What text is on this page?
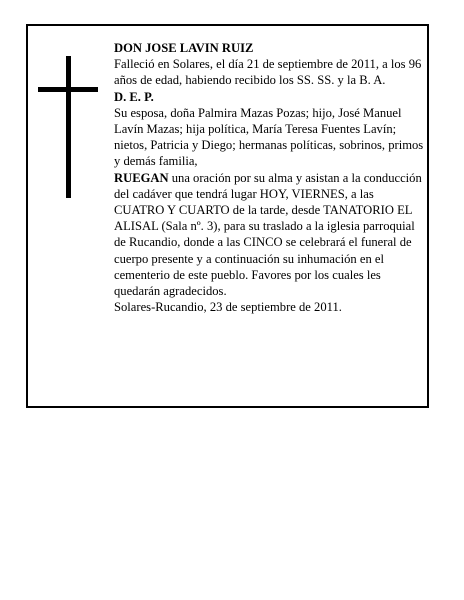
DON JOSE LAVIN RUIZ

Falleció en Solares, el día 21 de septiembre de 2011, a los 96 años de edad, habiendo recibido los SS. SS. y la B. A.

D. E. P.

Su esposa, doña Palmira Mazas Pozas; hijo, José Manuel Lavín Mazas; hija política, María Teresa Fuentes Lavín; nietos, Patricia y Diego; hermanas políticas, sobrinos, primos y demás familia,

RUEGAN una oración por su alma y asistan a la conducción del cadáver que tendrá lugar HOY, VIERNES, a las CUATRO Y CUARTO de la tarde, desde TANATORIO EL ALISAL (Sala nº. 3), para su traslado a la iglesia parroquial de Rucandio, donde a las CINCO se celebrará el funeral de cuerpo presente y a continuación su inhumación en el cementerio de este pueblo. Favores por los cuales les quedarán agradecidos.

Solares-Rucandio, 23 de septiembre de 2011.
